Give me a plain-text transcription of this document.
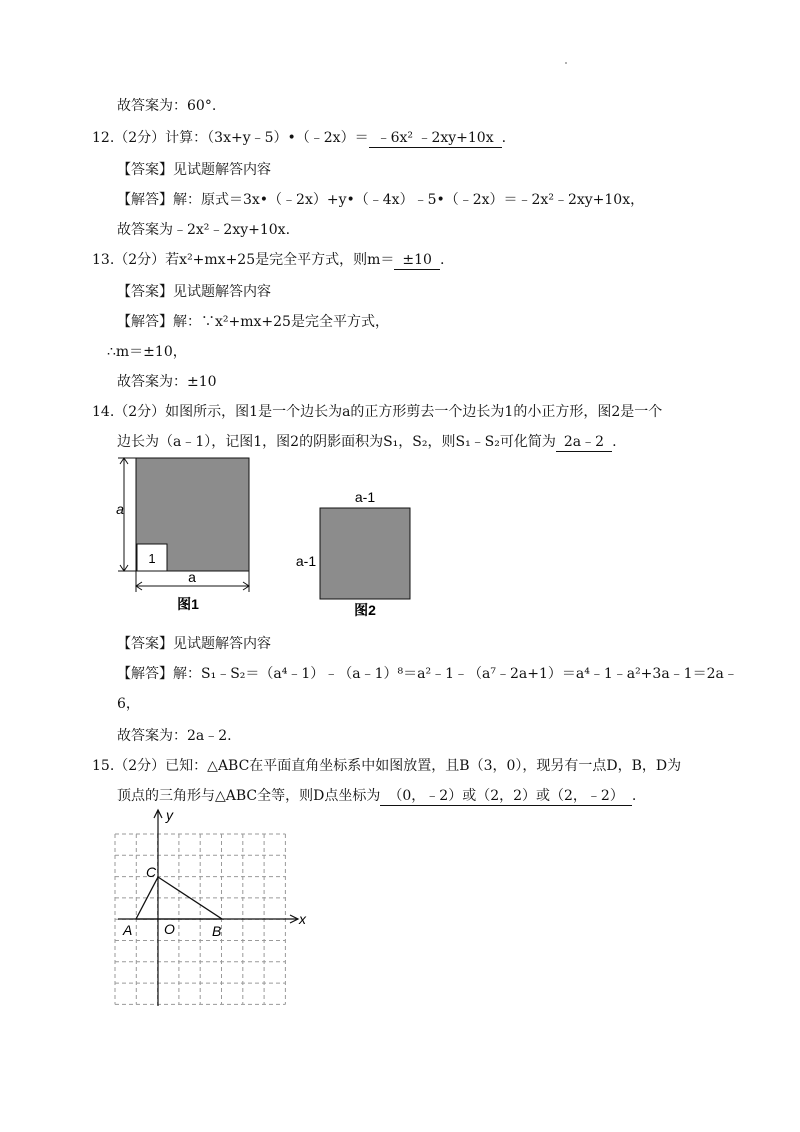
故答案为：60°.
12.（2分）计算：（3x+y﹣5）•（﹣2x）＝ ﹣6x² ﹣2xy+10x .
【答案】见试题解答内容
【解答】解：原式＝3x•（﹣2x）+y•（﹣4x）﹣5•（﹣2x）＝﹣2x²﹣2xy+10x，
故答案为﹣2x²﹣2xy+10x.
13.（2分）若x²+mx+25是完全平方式，则m＝ ±10 .
【答案】见试题解答内容
【解答】解：∵x²+mx+25是完全平方式，
∴m＝±10，
故答案为：±10
14.（2分）如图所示，图1是一个边长为a的正方形剪去一个边长为1的小正方形，图2是一个
边长为（a﹣1），记图1，图2的阴影面积为S₁，S₂，则S₁﹣S₂可化简为 2a﹣2 .
a
1
a
图1
a-1
a-1
图2
【答案】见试题解答内容
【解答】解：S₁﹣S₂＝（a⁴﹣1）﹣（a﹣1）⁸＝a²﹣1﹣（a⁷﹣2a+1）＝a⁴﹣1﹣a²+3a﹣1＝2a﹣
6，
故答案为：2a﹣2.
15.（2分）已知：△ABC在平面直角坐标系中如图放置，且B（3，0），现另有一点D，B，D为
顶点的三角形与△ABC全等，则D点坐标为 （0，﹣2）或（2，2）或（2，﹣2） .
y
x
C
A O	B
